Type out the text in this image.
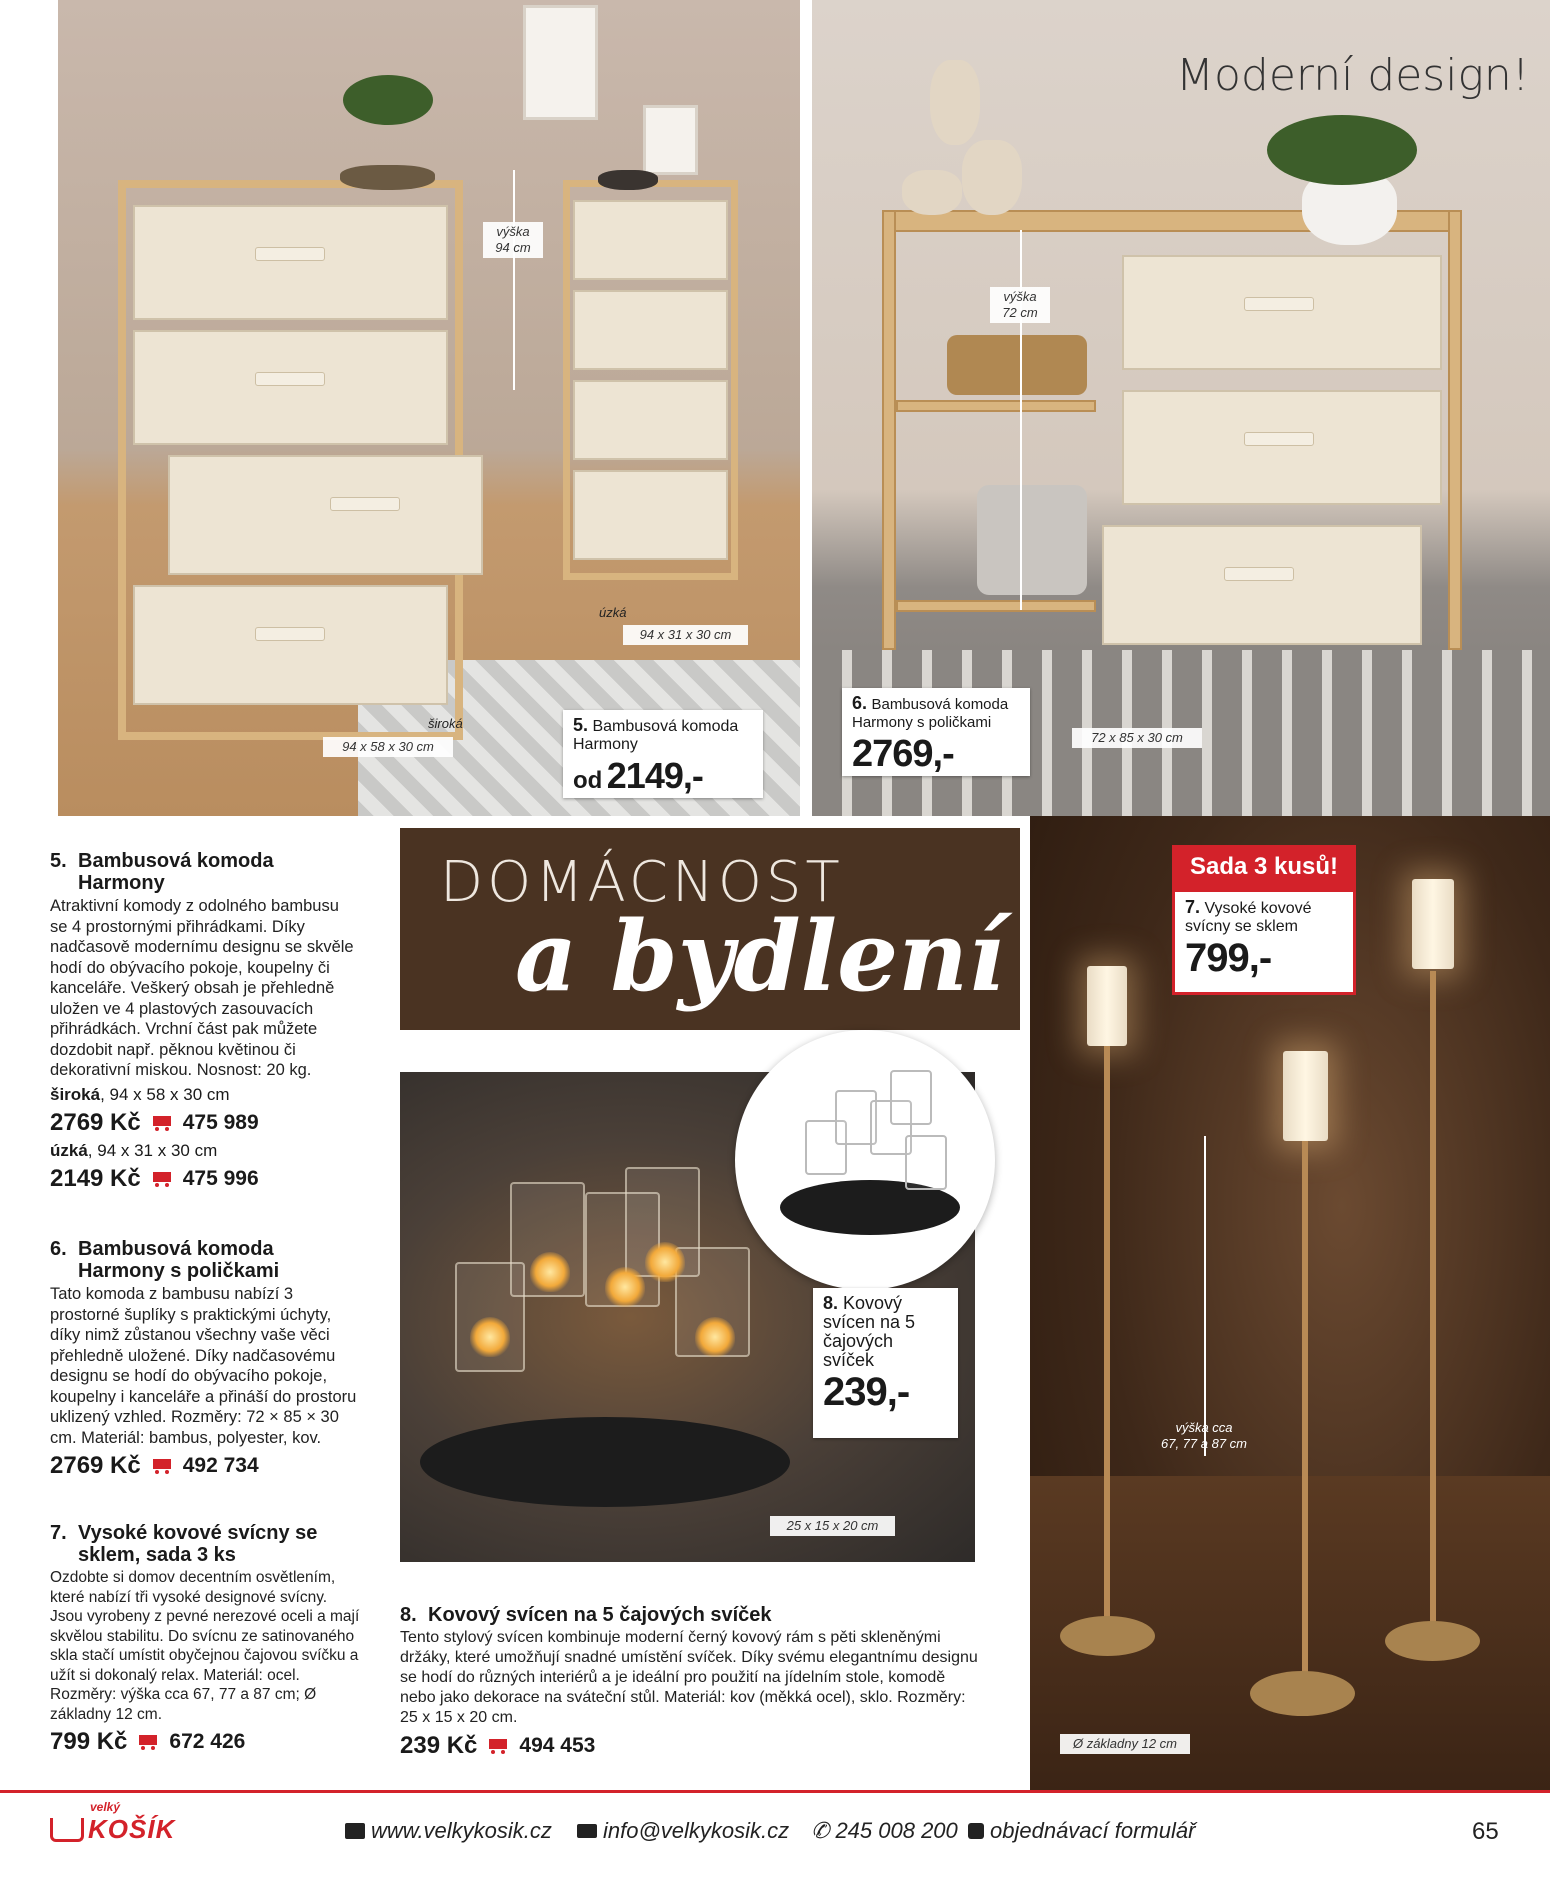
výška
94 cm
úzká
94 x 31 x 30 cm
široká
94 x 58 x 30 cm
5. Bambusová komoda Harmony
od 2149,-
Moderní design!
výška
72 cm
72 x 85 x 30 cm
6. Bambusová komoda Harmony s poličkami
2769,-
výška cca
67, 77 a 87 cm
Ø základny 12 cm
Sada 3 kusů!
7. Vysoké kovové svícny se sklem
799,-
DOMÁCNOST
a bydlení
25 x 15 x 20 cm
8. Kovový svícen na 5 čajových svíček
239,-
5. Bambusová komoda
Harmony
Atraktivní komody z odolného bambusu se 4 prostornými přihrádkami. Díky nadčasově modernímu designu se skvěle hodí do obývacího pokoje, koupelny či kanceláře. Veškerý obsah je přehledně uložen ve 4 plastových zasouvacích přihrádkách. Vrchní část pak můžete dozdobit např. pěknou květinou či dekorativní miskou. Nosnost: 20 kg.
široká, 94 x 58 x 30 cm
2769 Kč 475 989
úzká, 94 x 31 x 30 cm
2149 Kč 475 996
6. Bambusová komoda
Harmony s poličkami
Tato komoda z bambusu nabízí 3 prostorné šuplíky s praktickými úchyty, díky nimž zůstanou všechny vaše věci přehledně uložené. Díky nadčasovému designu se hodí do obývacího pokoje, koupelny i kanceláře a přináší do prostoru uklizený vzhled. Rozměry: 72 × 85 × 30 cm. Materiál: bambus, polyester, kov.
2769 Kč 492 734
7. Vysoké kovové svícny se
sklem, sada 3 ks
Ozdobte si domov decentním osvětlením, které nabízí tři vysoké designové svícny. Jsou vyrobeny z pevné nerezové oceli a mají skvělou stabilitu. Do svícnu ze satinovaného skla stačí umístit obyčejnou čajovou svíčku a užít si dokonalý relax. Materiál: ocel. Rozměry: výška cca 67, 77 a 87 cm; Ø základny 12 cm.
799 Kč 672 426
8. Kovový svícen na 5 čajových svíček
Tento stylový svícen kombinuje moderní černý kovový rám s pěti skleněnými držáky, které umožňují snadné umístění svíček. Díky svému elegantnímu designu se hodí do různých interiérů a je ideální pro použití na jídelním stole, komodě nebo jako dekorace na sváteční stůl. Materiál: kov (měkká ocel), sklo. Rozměry: 25 x 15 x 20 cm.
239 Kč 494 453
velký
KOŠÍK	www.velkykosik.cz info@velkykosik.cz ✆ 245 008 200 objednávací formulář	65
